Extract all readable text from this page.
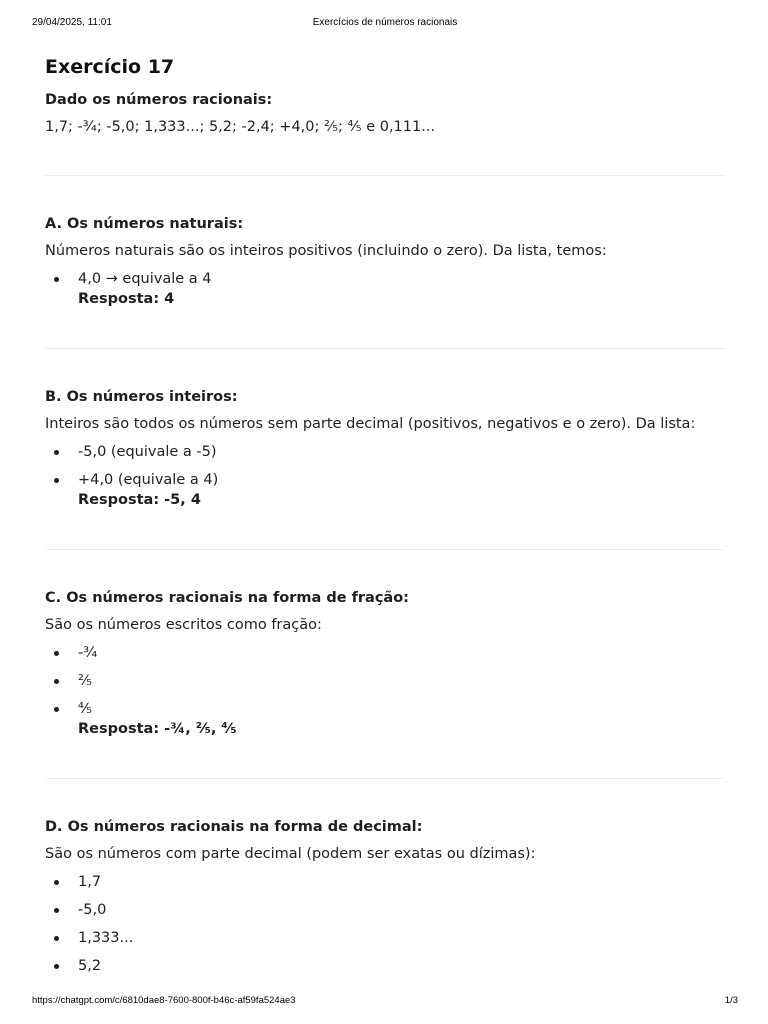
29/04/2025, 11:01	Exercícios de números racionais
Exercício 17
Dado os números racionais:
1,7; -¾; -5,0; 1,333...; 5,2; -2,4; +4,0; ²⁄₅; ⁴⁄₅ e 0,111...
A. Os números naturais:
Números naturais são os inteiros positivos (incluindo o zero). Da lista, temos:
4,0 → equivale a 4
Resposta: 4
B. Os números inteiros:
Inteiros são todos os números sem parte decimal (positivos, negativos e o zero). Da lista:
-5,0 (equivale a -5)
+4,0 (equivale a 4)
Resposta: -5, 4
C. Os números racionais na forma de fração:
São os números escritos como fração:
-¾
²⁄₅
⁴⁄₅
Resposta: -¾, ²⁄₅, ⁴⁄₅
D. Os números racionais na forma de decimal:
São os números com parte decimal (podem ser exatas ou dízimas):
1,7
-5,0
1,333...
5,2
https://chatgpt.com/c/6810dae8-7600-800f-b46c-af59fa524ae3	1/3
